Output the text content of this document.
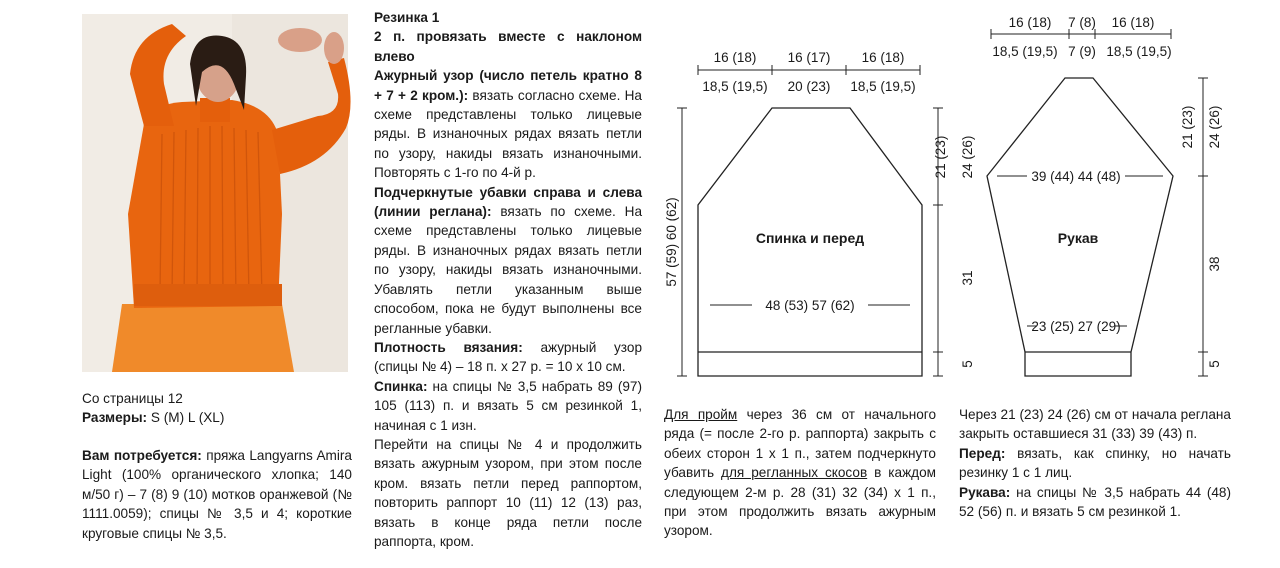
Со страницы 12

Размеры: S (M) L (XL)

Вам потребуется: пряжа Langyarns Amira Light (100% органического хлопка; 140 м/50 г) – 7 (8) 9 (10) мотков оранжевой (№ 1111.0059); спицы № 3,5 и 4; короткие круговые спицы № 3,5.

Резинка 1

2 п. провязать вместе с наклоном влево

Ажурный узор (число петель кратно 8 + 7 + 2 кром.): вязать согласно схеме. На схеме представлены только лицевые ряды. В изнаночных рядах вязать петли по узору, накиды вязать изнаночными. Повторять с 1-го по 4-й р.

Подчеркнутые убавки справа и слева (линии реглана): вязать по схеме. На схеме представлены только лицевые ряды. В изнаночных рядах вязать петли по узору, накиды вязать изнаночными. Убавлять петли указанным выше способом, пока не будут выполнены все регланные убавки.

Плотность вязания: ажурный узор (спицы № 4) – 18 п. х 27 р. = 10 х 10 см.

Спинка: на спицы № 3,5 набрать 89 (97) 105 (113) п. и вязать 5 см резинкой 1, начиная с 1 изн.

Перейти на спицы № 4 и продолжить вязать ажурным узором, при этом после кром. вязать петли перед раппортом, повторить раппорт 10 (11) 12 (13) раз, вязать в конце ряда петли после раппорта, кром.

Для пройм через 36 см от начального ряда (= после 2-го р. раппорта) закрыть с обеих сторон 1 х 1 п., затем подчеркнуто убавить для регланных скосов в каждом следующем 2-м р. 28 (31) 32 (34) х 1 п., при этом продолжить вязать ажурным узором.

Через 21 (23) 24 (26) см от начала реглана закрыть оставшиеся 31 (33) 39 (43) п.

Перед: вязать, как спинку, но начать резинку 1 с 1 лиц.

Рукава: на спицы № 3,5 набрать 44 (48) 52 (56) п. и вязать 5 см резинкой 1.

16 (18) 16 (17) 16 (18)
18,5 (19,5) 20 (23) 18,5 (19,5)
Спинка и перед
48 (53) 57 (62)
57 (59) 60 (62)
21 (23) 24 (26)
31
5
16 (18) 7 (8) 16 (18)
18,5 (19,5) 7 (9) 18,5 (19,5)
39 (44) 44 (48)
Рукав
23 (25) 27 (29)
21 (23) 24 (26)
38
5
